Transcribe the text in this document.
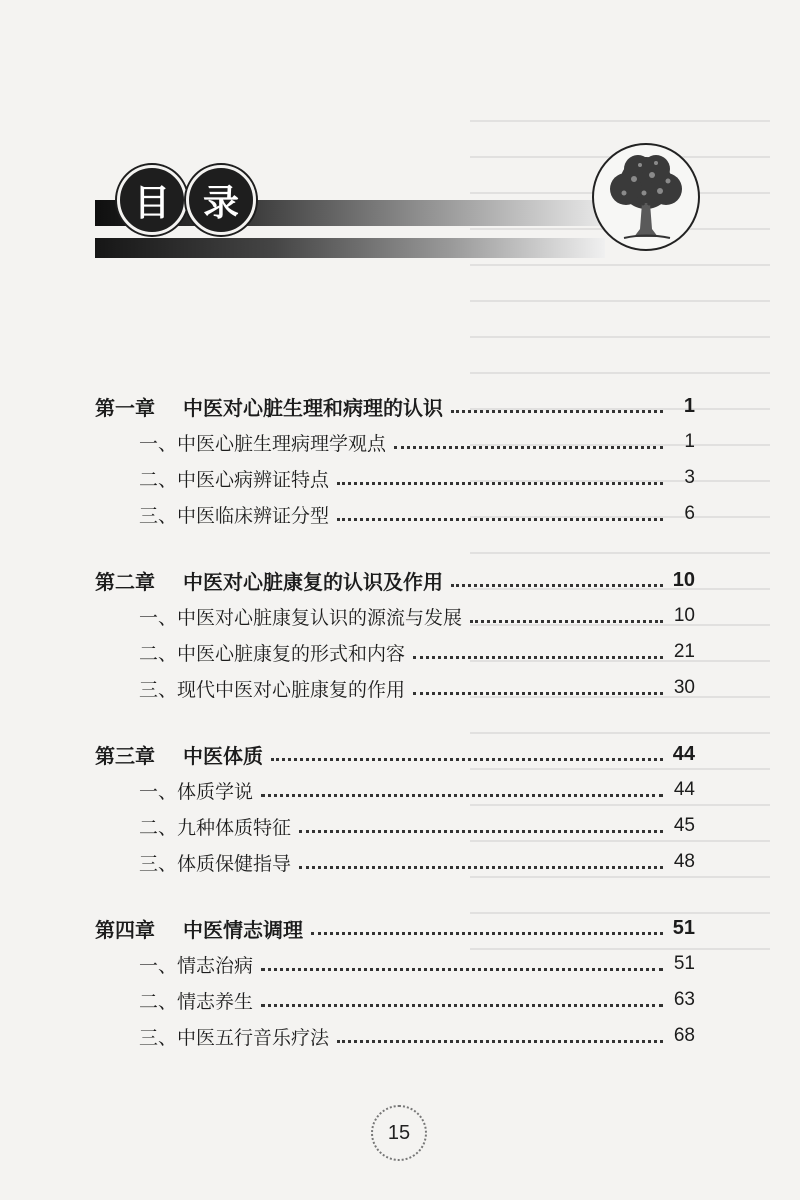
目 录
第一章 中医对心脏生理和病理的认识	1
一、中医心脏生理病理学观点	1
二、中医心病辨证特点	3
三、中医临床辨证分型	6
第二章 中医对心脏康复的认识及作用	10
一、中医对心脏康复认识的源流与发展	10
二、中医心脏康复的形式和内容	21
三、现代中医对心脏康复的作用	30
第三章 中医体质	44
一、体质学说	44
二、九种体质特征	45
三、体质保健指导	48
第四章 中医情志调理	51
一、情志治病	51
二、情志养生	63
三、中医五行音乐疗法	68
15
